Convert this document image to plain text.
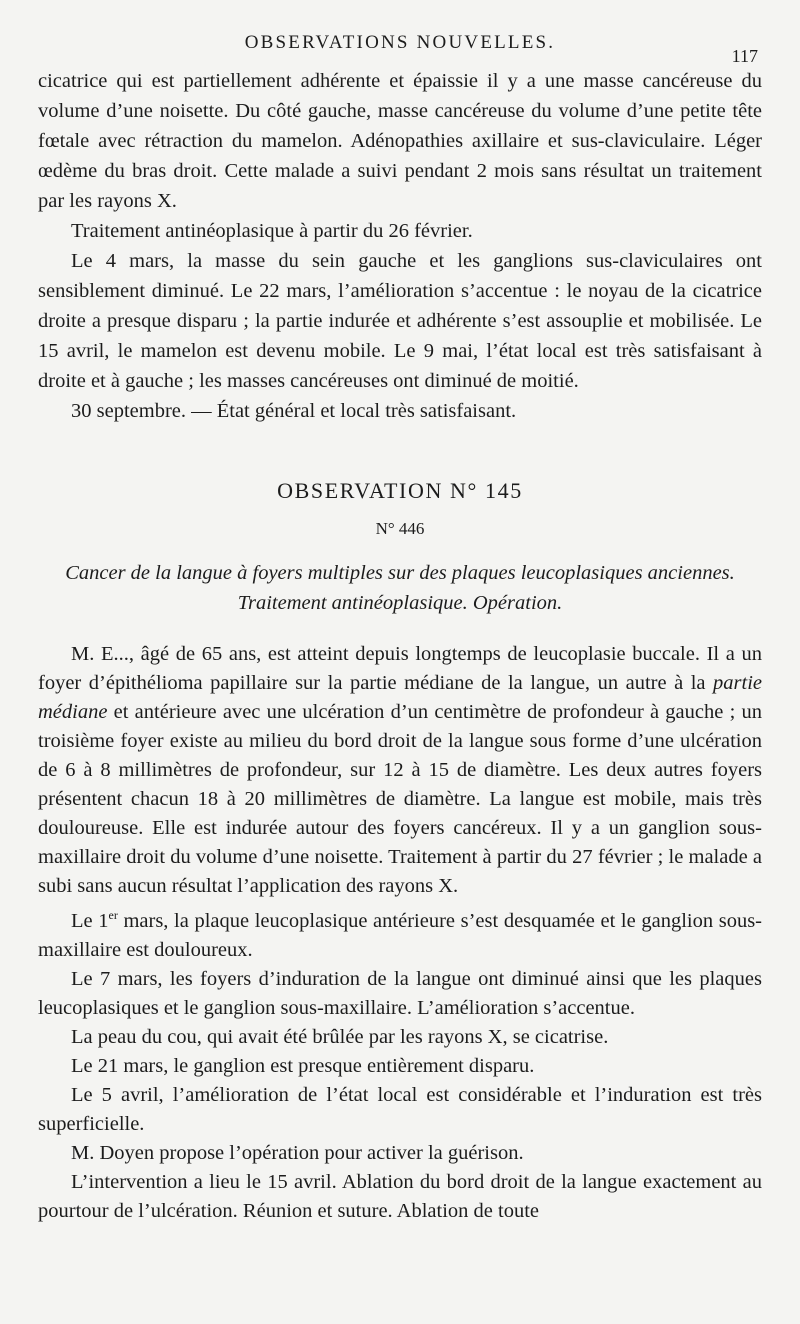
OBSERVATIONS NOUVELLES.
117

cicatrice qui est partiellement adhérente et épaissie il y a une masse cancéreuse du volume d’une noisette. Du côté gauche, masse cancéreuse du volume d’une petite tête fœtale avec rétraction du mamelon. Adénopathies axillaire et sus-claviculaire. Léger œdème du bras droit. Cette malade a suivi pendant 2 mois sans résultat un traitement par les rayons X.

Traitement antinéoplasique à partir du 26 février.

Le 4 mars, la masse du sein gauche et les ganglions sus-claviculaires ont sensiblement diminué. Le 22 mars, l’amélioration s’accentue : le noyau de la cicatrice droite a presque disparu ; la partie indurée et adhérente s’est assouplie et mobilisée. Le 15 avril, le mamelon est devenu mobile. Le 9 mai, l’état local est très satisfaisant à droite et à gauche ; les masses cancéreuses ont diminué de moitié.

30 septembre. — État général et local très satisfaisant.

OBSERVATION N° 145
N° 446
Cancer de la langue à foyers multiples sur des plaques leucoplasiques anciennes.
Traitement antinéoplasique. Opération.

M. E..., âgé de 65 ans, est atteint depuis longtemps de leucoplasie buccale. Il a un foyer d’épithélioma papillaire sur la partie médiane de la langue, un autre à la partie médiane et antérieure avec une ulcération d’un centimètre de profondeur à gauche ; un troisième foyer existe au milieu du bord droit de la langue sous forme d’une ulcération de 6 à 8 millimètres de profondeur, sur 12 à 15 de diamètre. Les deux autres foyers présentent chacun 18 à 20 millimètres de diamètre. La langue est mobile, mais très douloureuse. Elle est indurée autour des foyers cancéreux. Il y a un ganglion sous-maxillaire droit du volume d’une noisette. Traitement à partir du 27 février ; le malade a subi sans aucun résultat l’application des rayons X.

Le 1er mars, la plaque leucoplasique antérieure s’est desquamée et le ganglion sous-maxillaire est douloureux.

Le 7 mars, les foyers d’induration de la langue ont diminué ainsi que les plaques leucoplasiques et le ganglion sous-maxillaire. L’amélioration s’accentue.

La peau du cou, qui avait été brûlée par les rayons X, se cicatrise.

Le 21 mars, le ganglion est presque entièrement disparu.

Le 5 avril, l’amélioration de l’état local est considérable et l’induration est très superficielle.

M. Doyen propose l’opération pour activer la guérison.

L’intervention a lieu le 15 avril. Ablation du bord droit de la langue exactement au pourtour de l’ulcération. Réunion et suture. Ablation de toute
